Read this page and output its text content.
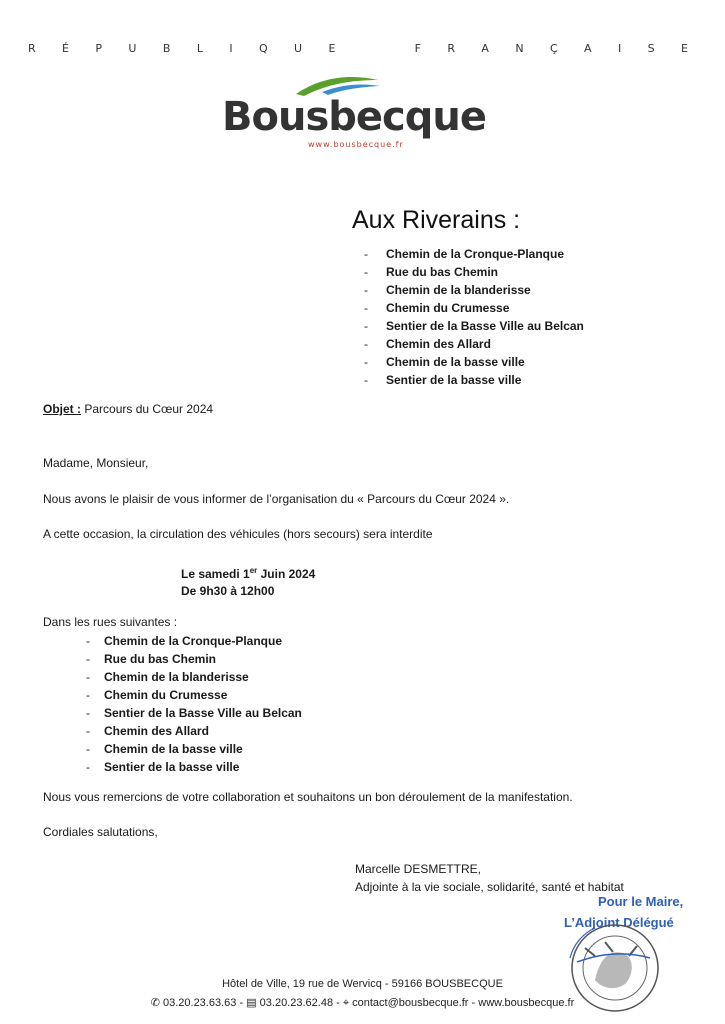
R É P U B L I Q U E	F R A N Ç A I S E
Bousbecque
www.bousbecque.fr
Aux Riverains :
- Chemin de la Cronque-Planque
- Rue du bas Chemin
- Chemin de la blanderisse
- Chemin du Crumesse
- Sentier de la Basse Ville au Belcan
- Chemin des Allard
- Chemin de la basse ville
- Sentier de la basse ville
Objet : Parcours du Cœur 2024
Madame, Monsieur,
Nous avons le plaisir de vous informer de l’organisation du « Parcours du Cœur 2024 ».
A cette occasion, la circulation des véhicules (hors secours) sera interdite
Le samedi 1er Juin 2024
De 9h30 à 12h00
Dans les rues suivantes :
- Chemin de la Cronque-Planque
- Rue du bas Chemin
- Chemin de la blanderisse
- Chemin du Crumesse
- Sentier de la Basse Ville au Belcan
- Chemin des Allard
- Chemin de la basse ville
- Sentier de la basse ville
Nous vous remercions de votre collaboration et souhaitons un bon déroulement de la manifestation.
Cordiales salutations,
Marcelle DESMETTRE,
Adjointe à la vie sociale, solidarité, santé et habitat
Pour le Maire,
L’Adjoint Délégué
Hôtel de Ville, 19 rue de Wervicq - 59166 BOUSBECQUE
✆ 03.20.23.63.63 - ▤ 03.20.23.62.48 - ⌖ contact@bousbecque.fr - www.bousbecque.fr
